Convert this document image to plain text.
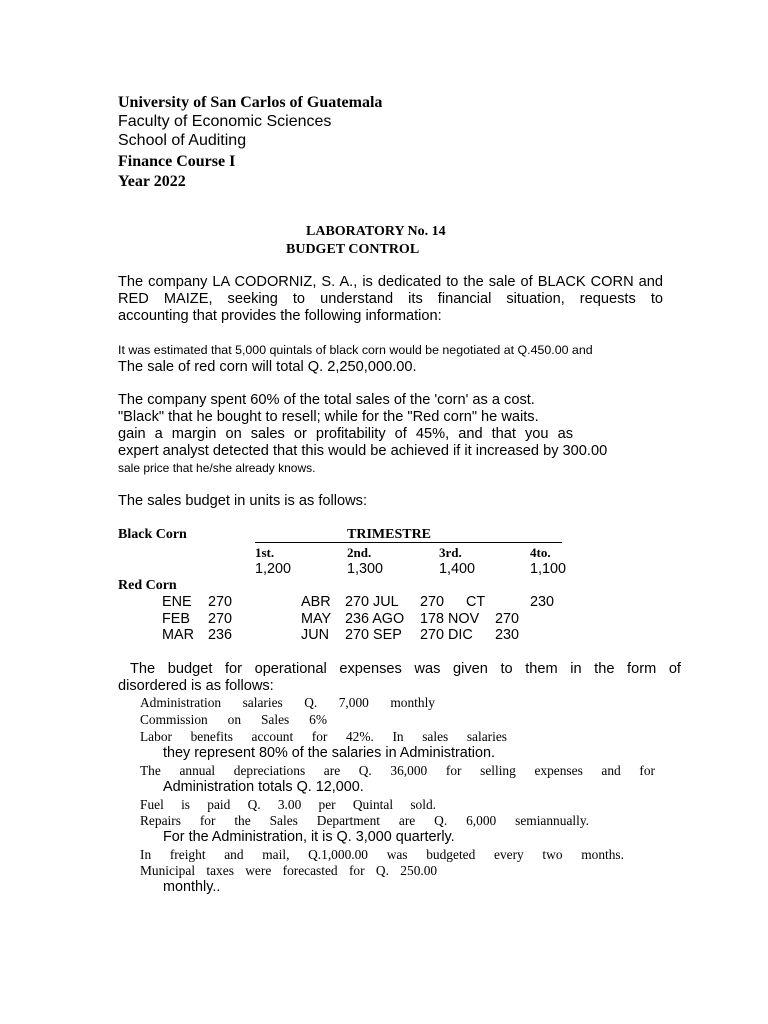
University of San Carlos of Guatemala
Faculty of Economic Sciences
School of Auditing
Finance Course I
Year 2022
LABORATORY No. 14
BUDGET CONTROL
The company LA CODORNIZ, S. A., is dedicated to the sale of BLACK CORN and
RED MAIZE, seeking to understand its financial situation, requests to
accounting that provides the following information:
It was estimated that 5,000 quintals of black corn would be negotiated at Q.450.00 and
The sale of red corn will total Q. 2,250,000.00.
The company spent 60% of the total sales of the 'corn' as a cost.
"Black" that he bought to resell; while for the "Red corn" he waits.
gain a margin on sales or profitability of 45%, and that you as
expert analyst detected that this would be achieved if it increased by 300.00
sale price that he/she already knows.
The sales budget in units is as follows:
Black Corn	TRIMESTRE
1st.	2nd.	3rd.	4to.
1,200	1,300	1,400	1,100
Red Corn
ENE 270	ABR 270 JUL 270 CT	230
FEB 270	MAY 236 AGO 178 NOV 270
MAR 236	JUN 270 SEP 270 DIC 230
The budget for operational expenses was given to them in the form of
disordered is as follows:
Administration salaries Q. 7,000 monthly
Commission on Sales 6%
Labor benefits account for 42%. In sales salaries
they represent 80% of the salaries in Administration.
The annual depreciations are Q. 36,000 for selling expenses and for
Administration totals Q. 12,000.
Fuel is paid Q. 3.00 per Quintal sold.
Repairs for the Sales Department are Q. 6,000 semiannually.
For the Administration, it is Q. 3,000 quarterly.
In freight and mail, Q.1,000.00 was budgeted every two months.
Municipal taxes were forecasted for Q. 250.00
monthly..
